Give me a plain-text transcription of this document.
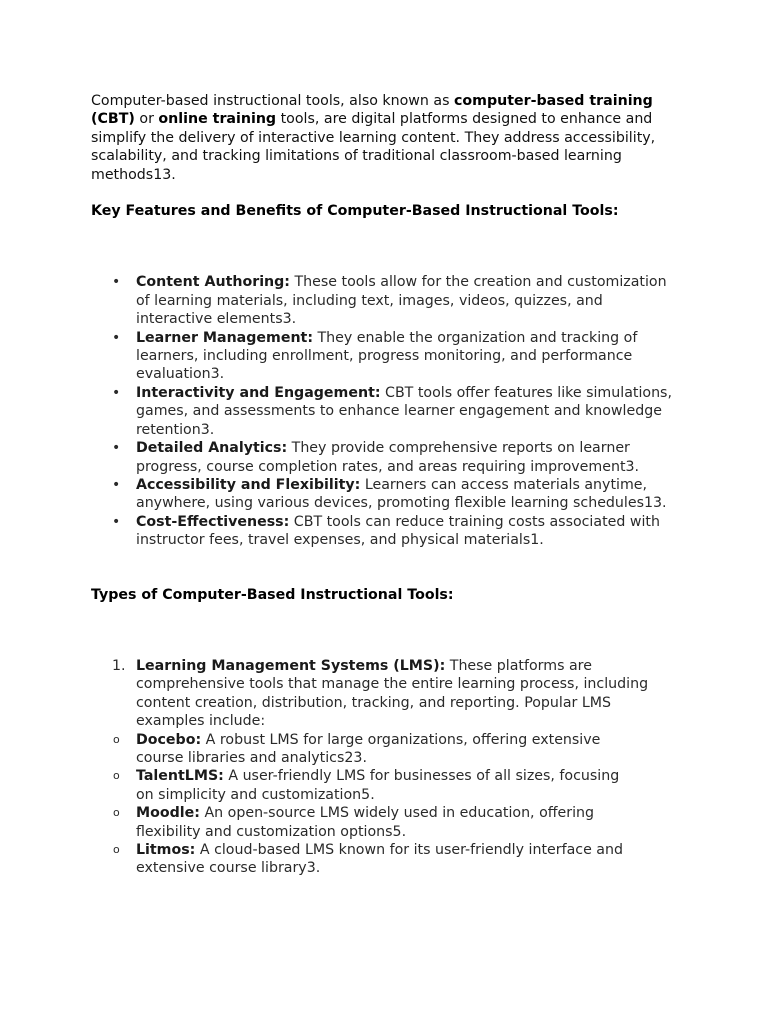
Computer-based instructional tools, also known as computer-based training (CBT) or online training tools, are digital platforms designed to enhance and simplify the delivery of interactive learning content. They address accessibility, scalability, and tracking limitations of traditional classroom-based learning methods13.

Key Features and Benefits of Computer-Based Instructional Tools:

• Content Authoring: These tools allow for the creation and customization of learning materials, including text, images, videos, quizzes, and interactive elements3.
• Learner Management: They enable the organization and tracking of learners, including enrollment, progress monitoring, and performance evaluation3.
• Interactivity and Engagement: CBT tools offer features like simulations, games, and assessments to enhance learner engagement and knowledge retention3.
• Detailed Analytics: They provide comprehensive reports on learner progress, course completion rates, and areas requiring improvement3.
• Accessibility and Flexibility: Learners can access materials anytime, anywhere, using various devices, promoting flexible learning schedules13.
• Cost-Effectiveness: CBT tools can reduce training costs associated with instructor fees, travel expenses, and physical materials1.

Types of Computer-Based Instructional Tools:

1. Learning Management Systems (LMS): These platforms are comprehensive tools that manage the entire learning process, including content creation, distribution, tracking, and reporting. Popular LMS examples include:
o Docebo: A robust LMS for large organizations, offering extensive course libraries and analytics23.
o TalentLMS: A user-friendly LMS for businesses of all sizes, focusing on simplicity and customization5.
o Moodle: An open-source LMS widely used in education, offering flexibility and customization options5.
o Litmos: A cloud-based LMS known for its user-friendly interface and extensive course library3.
